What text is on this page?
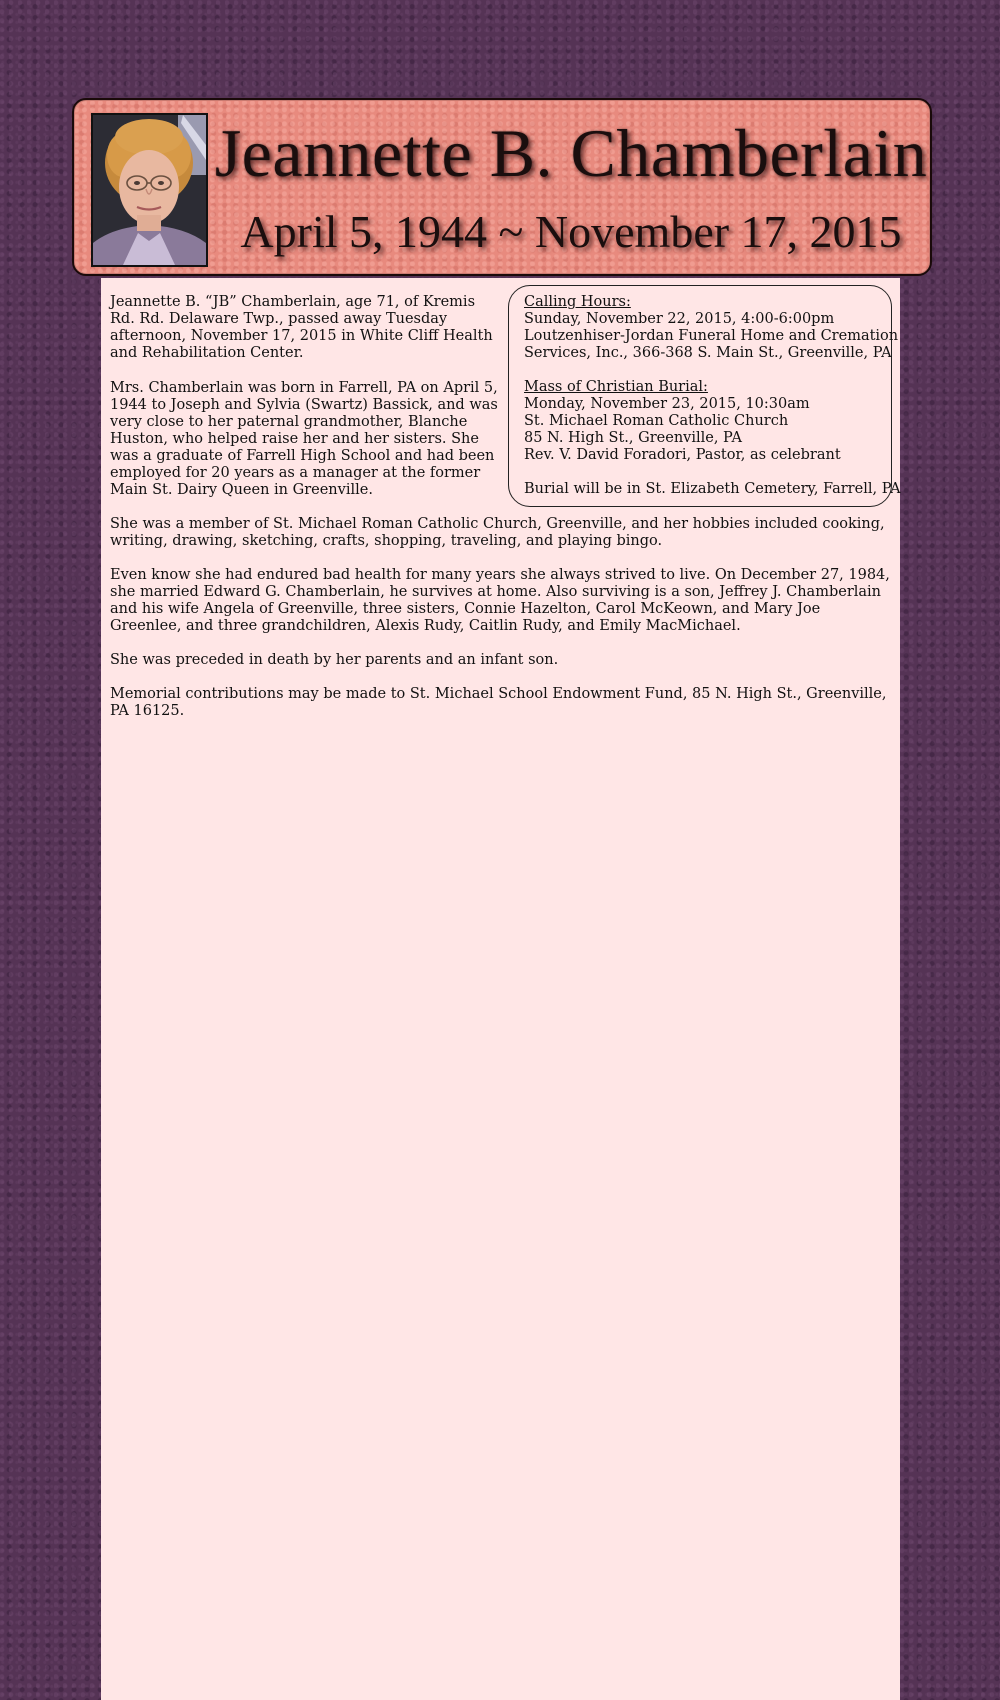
Jeannette B. Chamberlain
April 5, 1944 ~ November 17, 2015

Jeannette B. “JB” Chamberlain, age 71, of Kremis Rd. Rd. Delaware Twp., passed away Tuesday afternoon, November 17, 2015 in White Cliff Health and Rehabilitation Center.

Mrs. Chamberlain was born in Farrell, PA on April 5, 1944 to Joseph and Sylvia (Swartz) Bassick, and was very close to her paternal grandmother, Blanche Huston, who helped raise her and her sisters. She was a graduate of Farrell High School and had been employed for 20 years as a manager at the former Main St. Dairy Queen in Greenville.

Calling Hours:

Sunday, November 22, 2015, 4:00-6:00pm

Loutzenhiser-Jordan Funeral Home and Cremation

Services, Inc., 366-368 S. Main St., Greenville, PA

Mass of Christian Burial:

Monday, November 23, 2015, 10:30am

St. Michael Roman Catholic Church

85 N. High St., Greenville, PA

Rev. V. David Foradori, Pastor, as celebrant

Burial will be in St. Elizabeth Cemetery, Farrell, PA

She was a member of St. Michael Roman Catholic Church, Greenville, and her hobbies included cooking, writing, drawing, sketching, crafts, shopping, traveling, and playing bingo.

Even know she had endured bad health for many years she always strived to live. On December 27, 1984, she married Edward G. Chamberlain, he survives at home. Also surviving is a son, Jeffrey J. Chamberlain and his wife Angela of Greenville, three sisters, Connie Hazelton, Carol McKeown, and Mary Joe Greenlee, and three grandchildren, Alexis Rudy, Caitlin Rudy, and Emily MacMichael.

She was preceded in death by her parents and an infant son.

Memorial contributions may be made to St. Michael School Endowment Fund, 85 N. High St., Greenville, PA 16125.
